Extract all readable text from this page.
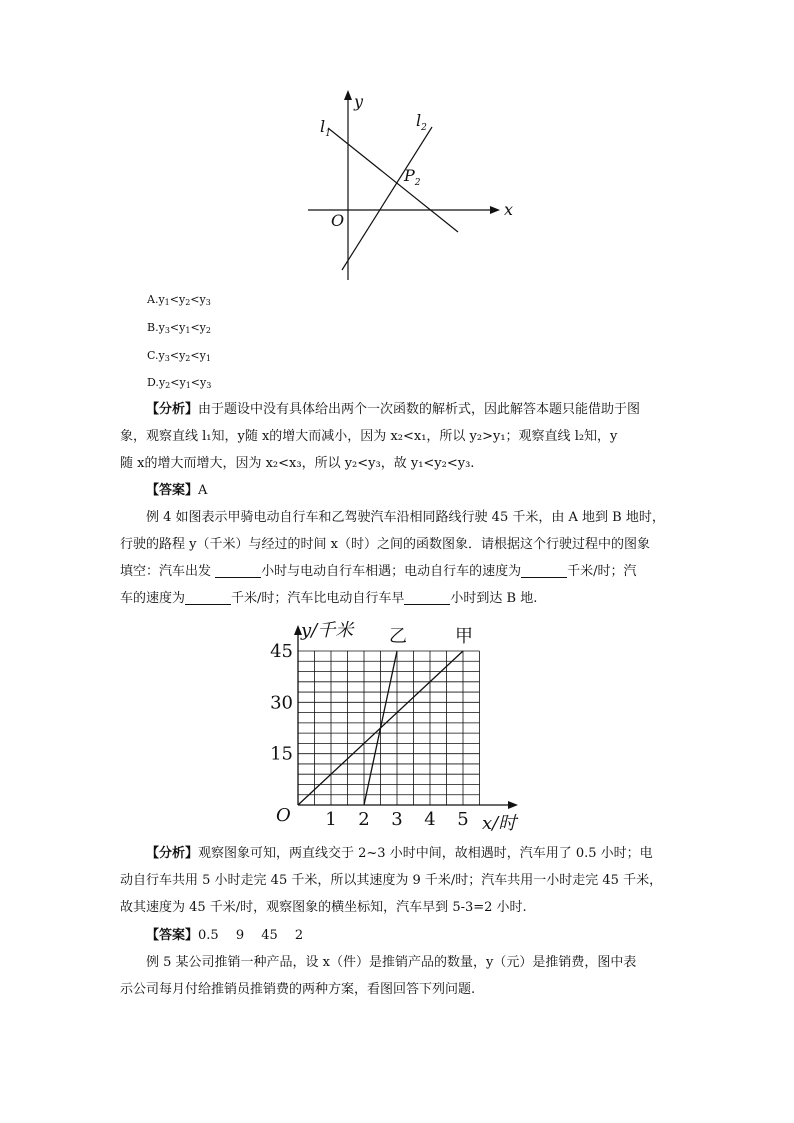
y
x
O
$l_1$
$l_2$
$P_2$
$A.y_1<y_2<y_3$
$B.y_3<y_1<y_2$
$C.y_3<y_2<y_1$
$D.y_2<y_1<y_3$
【分析】由于题设中没有具体给出两个一次函数的解析式，因此解答本题只能借助于图
象，观察直线 l₁知，y随 x的增大而减小，因为 x₂<x₁，所以 y₂>y₁；观察直线 l₂知，y
随 x的增大而增大，因为 x₂<x₃，所以 y₂<y₃，故 y₁<y₂<y₃.
【答案】A
例 4 如图表示甲骑电动自行车和乙驾驶汽车沿相同路线行驶 45 千米，由 A 地到 B 地时，
行驶的路程 y（千米）与经过的时间 x（时）之间的函数图象．请根据这个行驶过程中的图象
填空：汽车出发	小时与电动自行车相遇；电动自行车的速度为	千米/时；汽
车的速度为	千米/时；汽车比电动自行车早	小时到达 B 地.
1 2 3 4 5
15
30
45
O
y/千米
x/时
乙	甲
【分析】观察图象可知，两直线交于 2~3 小时中间，故相遇时，汽车用了 0.5 小时；电
动自行车共用 5 小时走完 45 千米，所以其速度为 9 千米/时；汽车共用一小时走完 45 千米，
故其速度为 45 千米/时，观察图象的横坐标知，汽车早到 5-3=2 小时.
【答案】0.5　 9　 45　 2
例 5 某公司推销一种产品，设 x（件）是推销产品的数量，y（元）是推销费，图中表
示公司每月付给推销员推销费的两种方案，看图回答下列问题.
